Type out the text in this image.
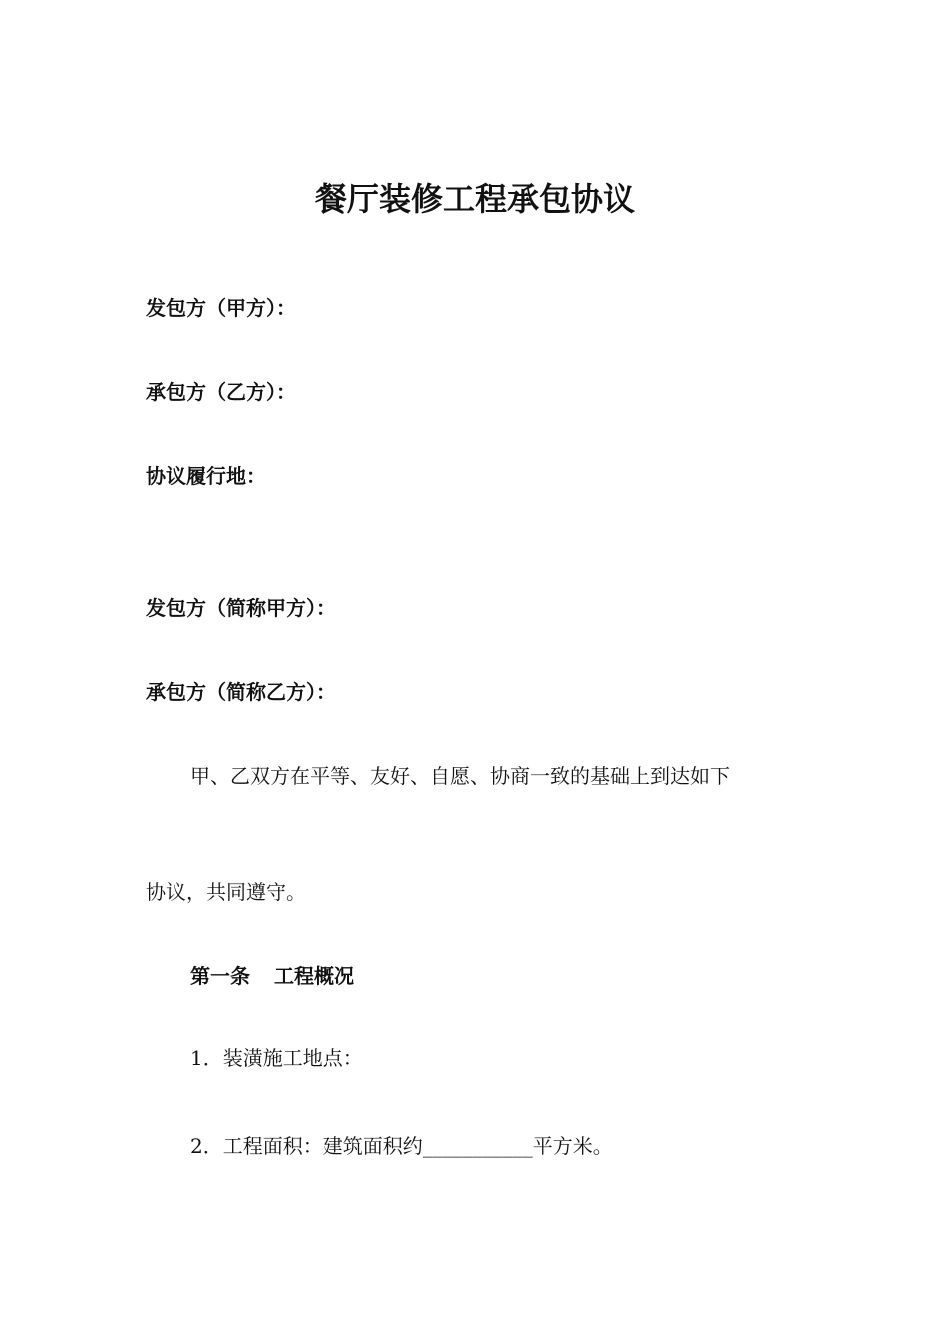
餐厅装修工程承包协议
发包方（甲方）：
承包方（乙方）：
协议履行地：
发包方（简称甲方）：
承包方（简称乙方）：
甲、乙双方在平等、友好、自愿、协商一致的基础上到达如下
协议，共同遵守。
第一条 工程概况
1．装潢施工地点：
2．工程面积：建筑面积约___________平方米。
